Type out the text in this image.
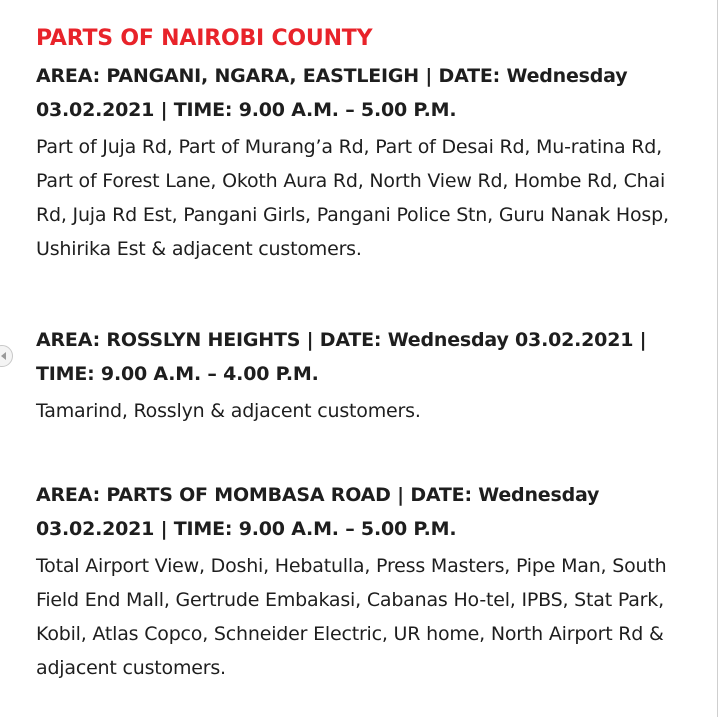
PARTS OF NAIROBI COUNTY
AREA: PANGANI, NGARA, EASTLEIGH | DATE: Wednesday 03.02.2021 | TIME: 9.00 A.M. – 5.00 P.M.
Part of Juja Rd, Part of Murang’a Rd, Part of Desai Rd, Mu-ratina Rd, Part of Forest Lane, Okoth Aura Rd, North View Rd, Hombe Rd, Chai Rd, Juja Rd Est, Pangani Girls, Pangani Police Stn, Guru Nanak Hosp, Ushirika Est & adjacent customers.
AREA: ROSSLYN HEIGHTS | DATE: Wednesday 03.02.2021 | TIME: 9.00 A.M. – 4.00 P.M.
Tamarind, Rosslyn & adjacent customers.
AREA: PARTS OF MOMBASA ROAD | DATE: Wednesday 03.02.2021 | TIME: 9.00 A.M. – 5.00 P.M.
Total Airport View, Doshi, Hebatulla, Press Masters, Pipe Man, South Field End Mall, Gertrude Embakasi, Cabanas Ho-tel, IPBS, Stat Park, Kobil, Atlas Copco, Schneider Electric, UR home, North Airport Rd & adjacent customers.
